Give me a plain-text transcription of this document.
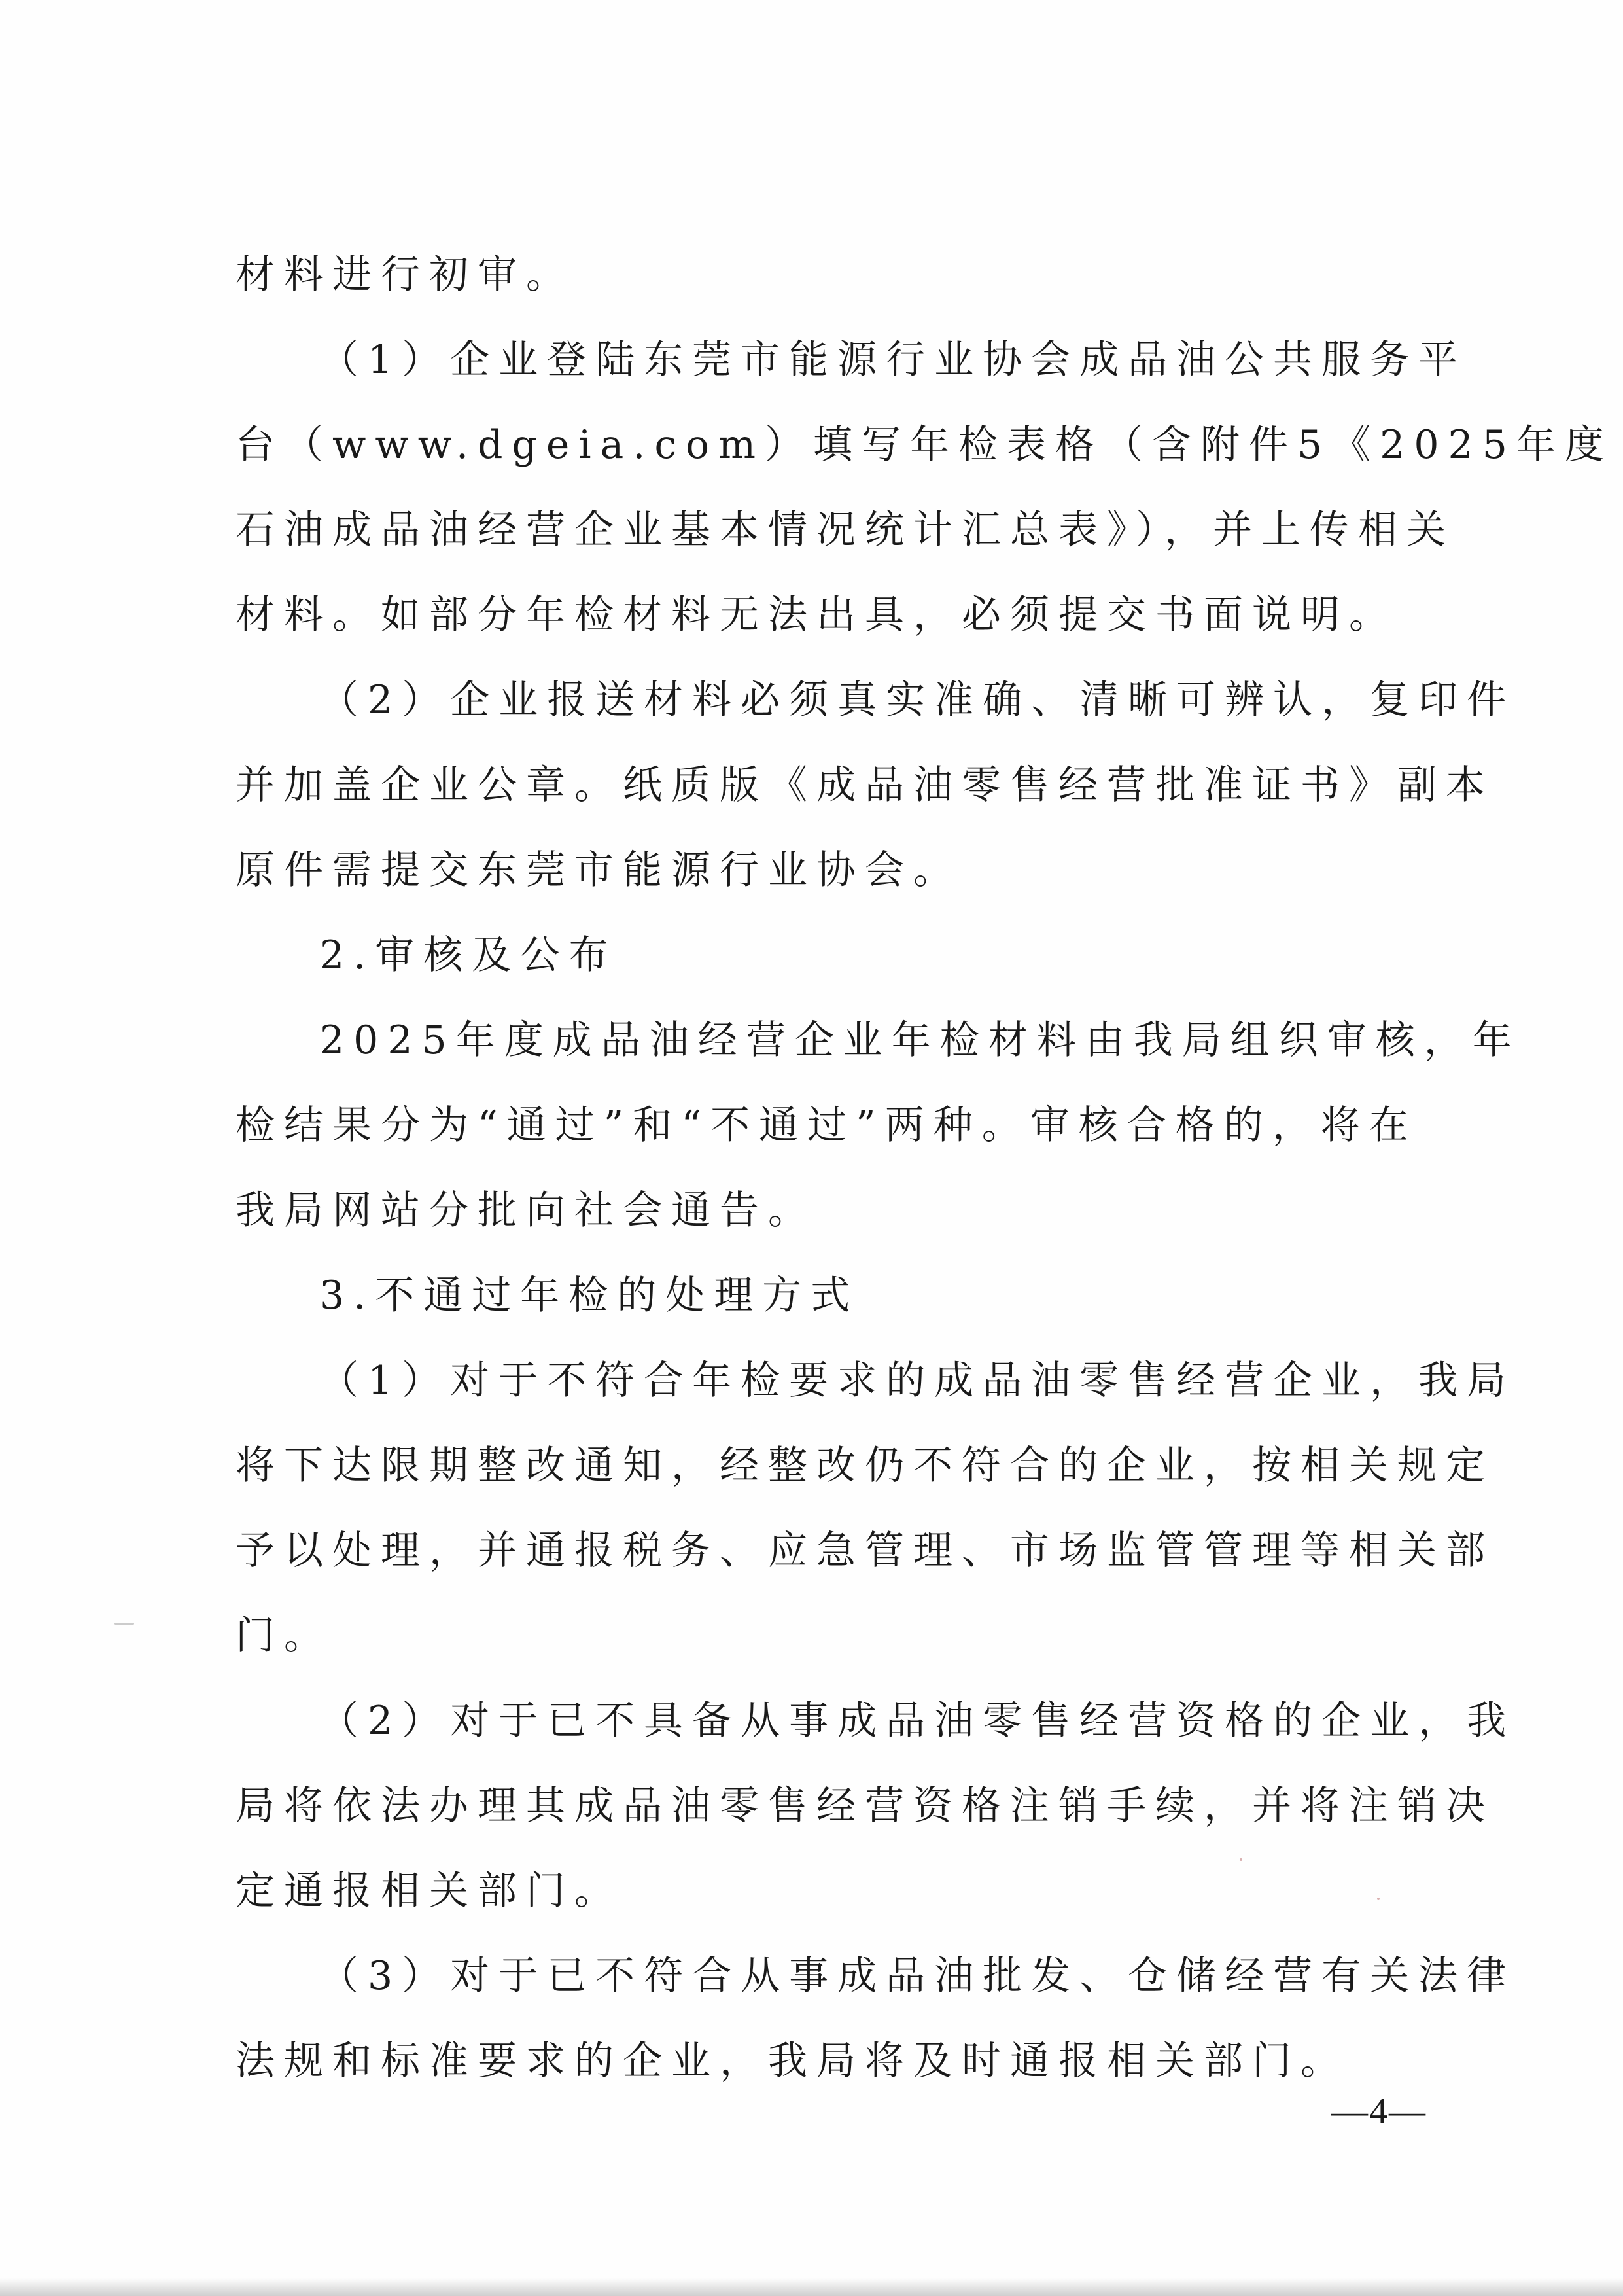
材料进行初审。
（1）企业登陆东莞市能源行业协会成品油公共服务平
台（www.dgeia.com）填写年检表格（含附件5《2025年度
石油成品油经营企业基本情况统计汇总表》），并上传相关
材料。如部分年检材料无法出具，必须提交书面说明。
（2）企业报送材料必须真实准确、清晰可辨认，复印件
并加盖企业公章。纸质版《成品油零售经营批准证书》副本
原件需提交东莞市能源行业协会。
2.审核及公布
2025年度成品油经营企业年检材料由我局组织审核，年
检结果分为“通过”和“不通过”两种。审核合格的，将在
我局网站分批向社会通告。
3.不通过年检的处理方式
（1）对于不符合年检要求的成品油零售经营企业，我局
将下达限期整改通知，经整改仍不符合的企业，按相关规定
予以处理，并通报税务、应急管理、市场监管管理等相关部
门。
（2）对于已不具备从事成品油零售经营资格的企业，我
局将依法办理其成品油零售经营资格注销手续，并将注销决
定通报相关部门。
（3）对于已不符合从事成品油批发、仓储经营有关法律
法规和标准要求的企业，我局将及时通报相关部门。
—4—
